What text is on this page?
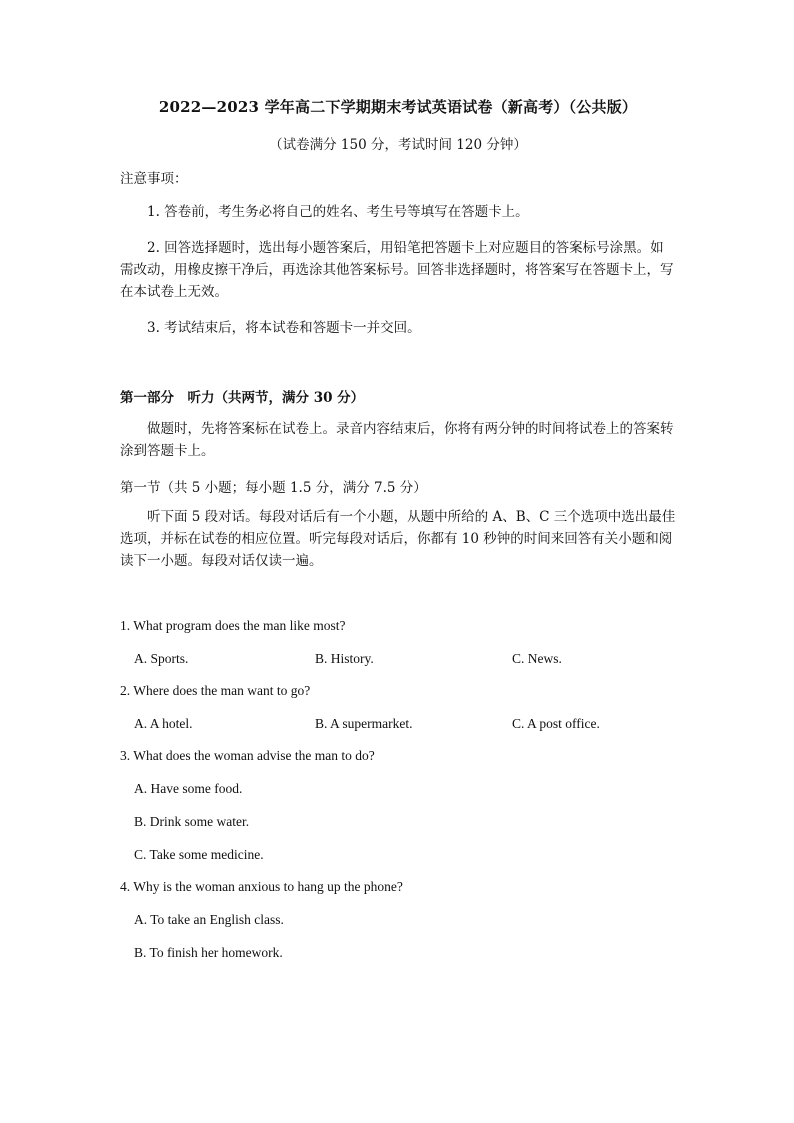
2022—2023 学年高二下学期期末考试英语试卷（新高考）（公共版）

（试卷满分 150 分，考试时间 120 分钟）

注意事项：

1. 答卷前，考生务必将自己的姓名、考生号等填写在答题卡上。

2. 回答选择题时，选出每小题答案后，用铅笔把答题卡上对应题目的答案标号涂黑。如需改动，用橡皮擦干净后，再选涂其他答案标号。回答非选择题时，将答案写在答题卡上，写在本试卷上无效。

3. 考试结束后，将本试卷和答题卡一并交回。

第一部分　听力（共两节，满分 30 分）

做题时，先将答案标在试卷上。录音内容结束后，你将有两分钟的时间将试卷上的答案转涂到答题卡上。

第一节（共 5 小题；每小题 1.5 分，满分 7.5 分）

听下面 5 段对话。每段对话后有一个小题，从题中所给的 A、B、C 三个选项中选出最佳选项，并标在试卷的相应位置。听完每段对话后，你都有 10 秒钟的时间来回答有关小题和阅读下一小题。每段对话仅读一遍。

1. What program does the man like most?

A. Sports.	B. History.	C. News.

2. Where does the man want to go?

A. A hotel.	B. A supermarket.	C. A post office.

3. What does the woman advise the man to do?

A. Have some food.
B. Drink some water.
C. Take some medicine.

4. Why is the woman anxious to hang up the phone?

A. To take an English class.
B. To finish her homework.
